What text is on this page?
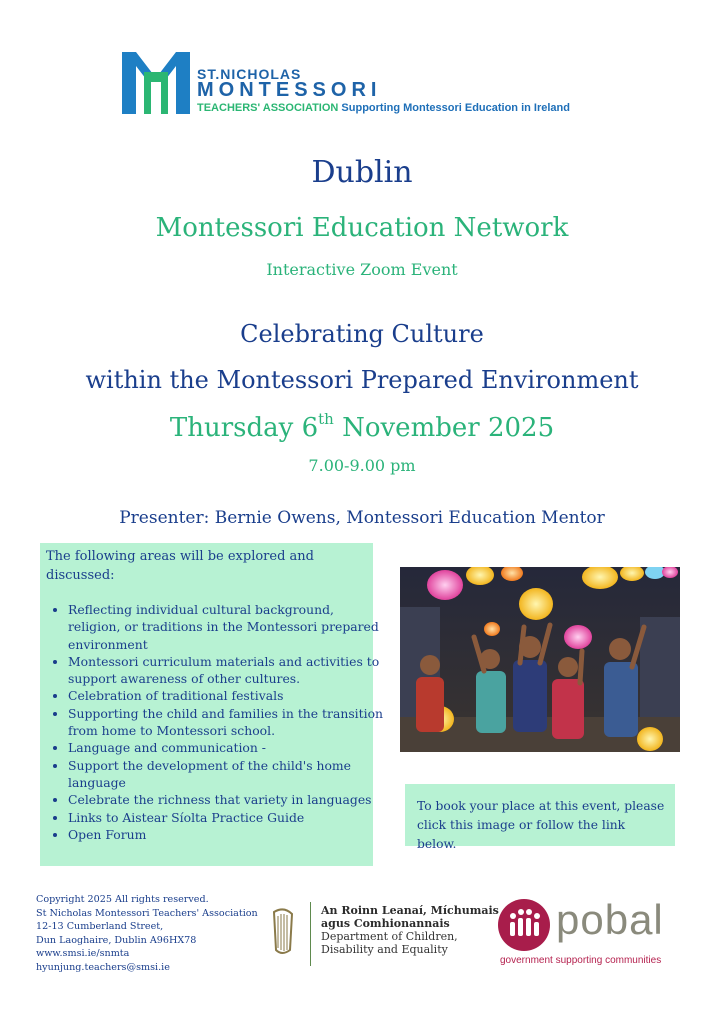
ST.NICHOLAS
MONTESSORI
TEACHERS' ASSOCIATION Supporting Montessori Education in Ireland
Dublin
Montessori Education Network
Interactive Zoom Event
Celebrating Culture
within the Montessori Prepared Environment
Thursday 6th November 2025
7.00-9.00 pm
Presenter: Bernie Owens, Montessori Education Mentor
The following areas will be explored and discussed:
• Reflecting individual cultural background, religion, or traditions in the Montessori prepared environment
• Montessori curriculum materials and activities to support awareness of other cultures.
• Celebration of traditional festivals
• Supporting the child and families in the transition from home to Montessori school.
• Language and communication -
• Support the development of the child's home language
• Celebrate the richness that variety in languages
• Links to Aistear Síolta Practice Guide
• Open Forum
To book your place at this event, please click this image or follow the link below.
Copyright 2025 All rights reserved.
St Nicholas Montessori Teachers' Association
12-13 Cumberland Street,
Dun Laoghaire, Dublin A96HX78
www.smsi.ie/snmta
hyunjung.teachers@smsi.ie
An Roinn Leanaí, Míchumais
agus Comhionannais
Department of Children,
Disability and Equality
pobal
government supporting communities
